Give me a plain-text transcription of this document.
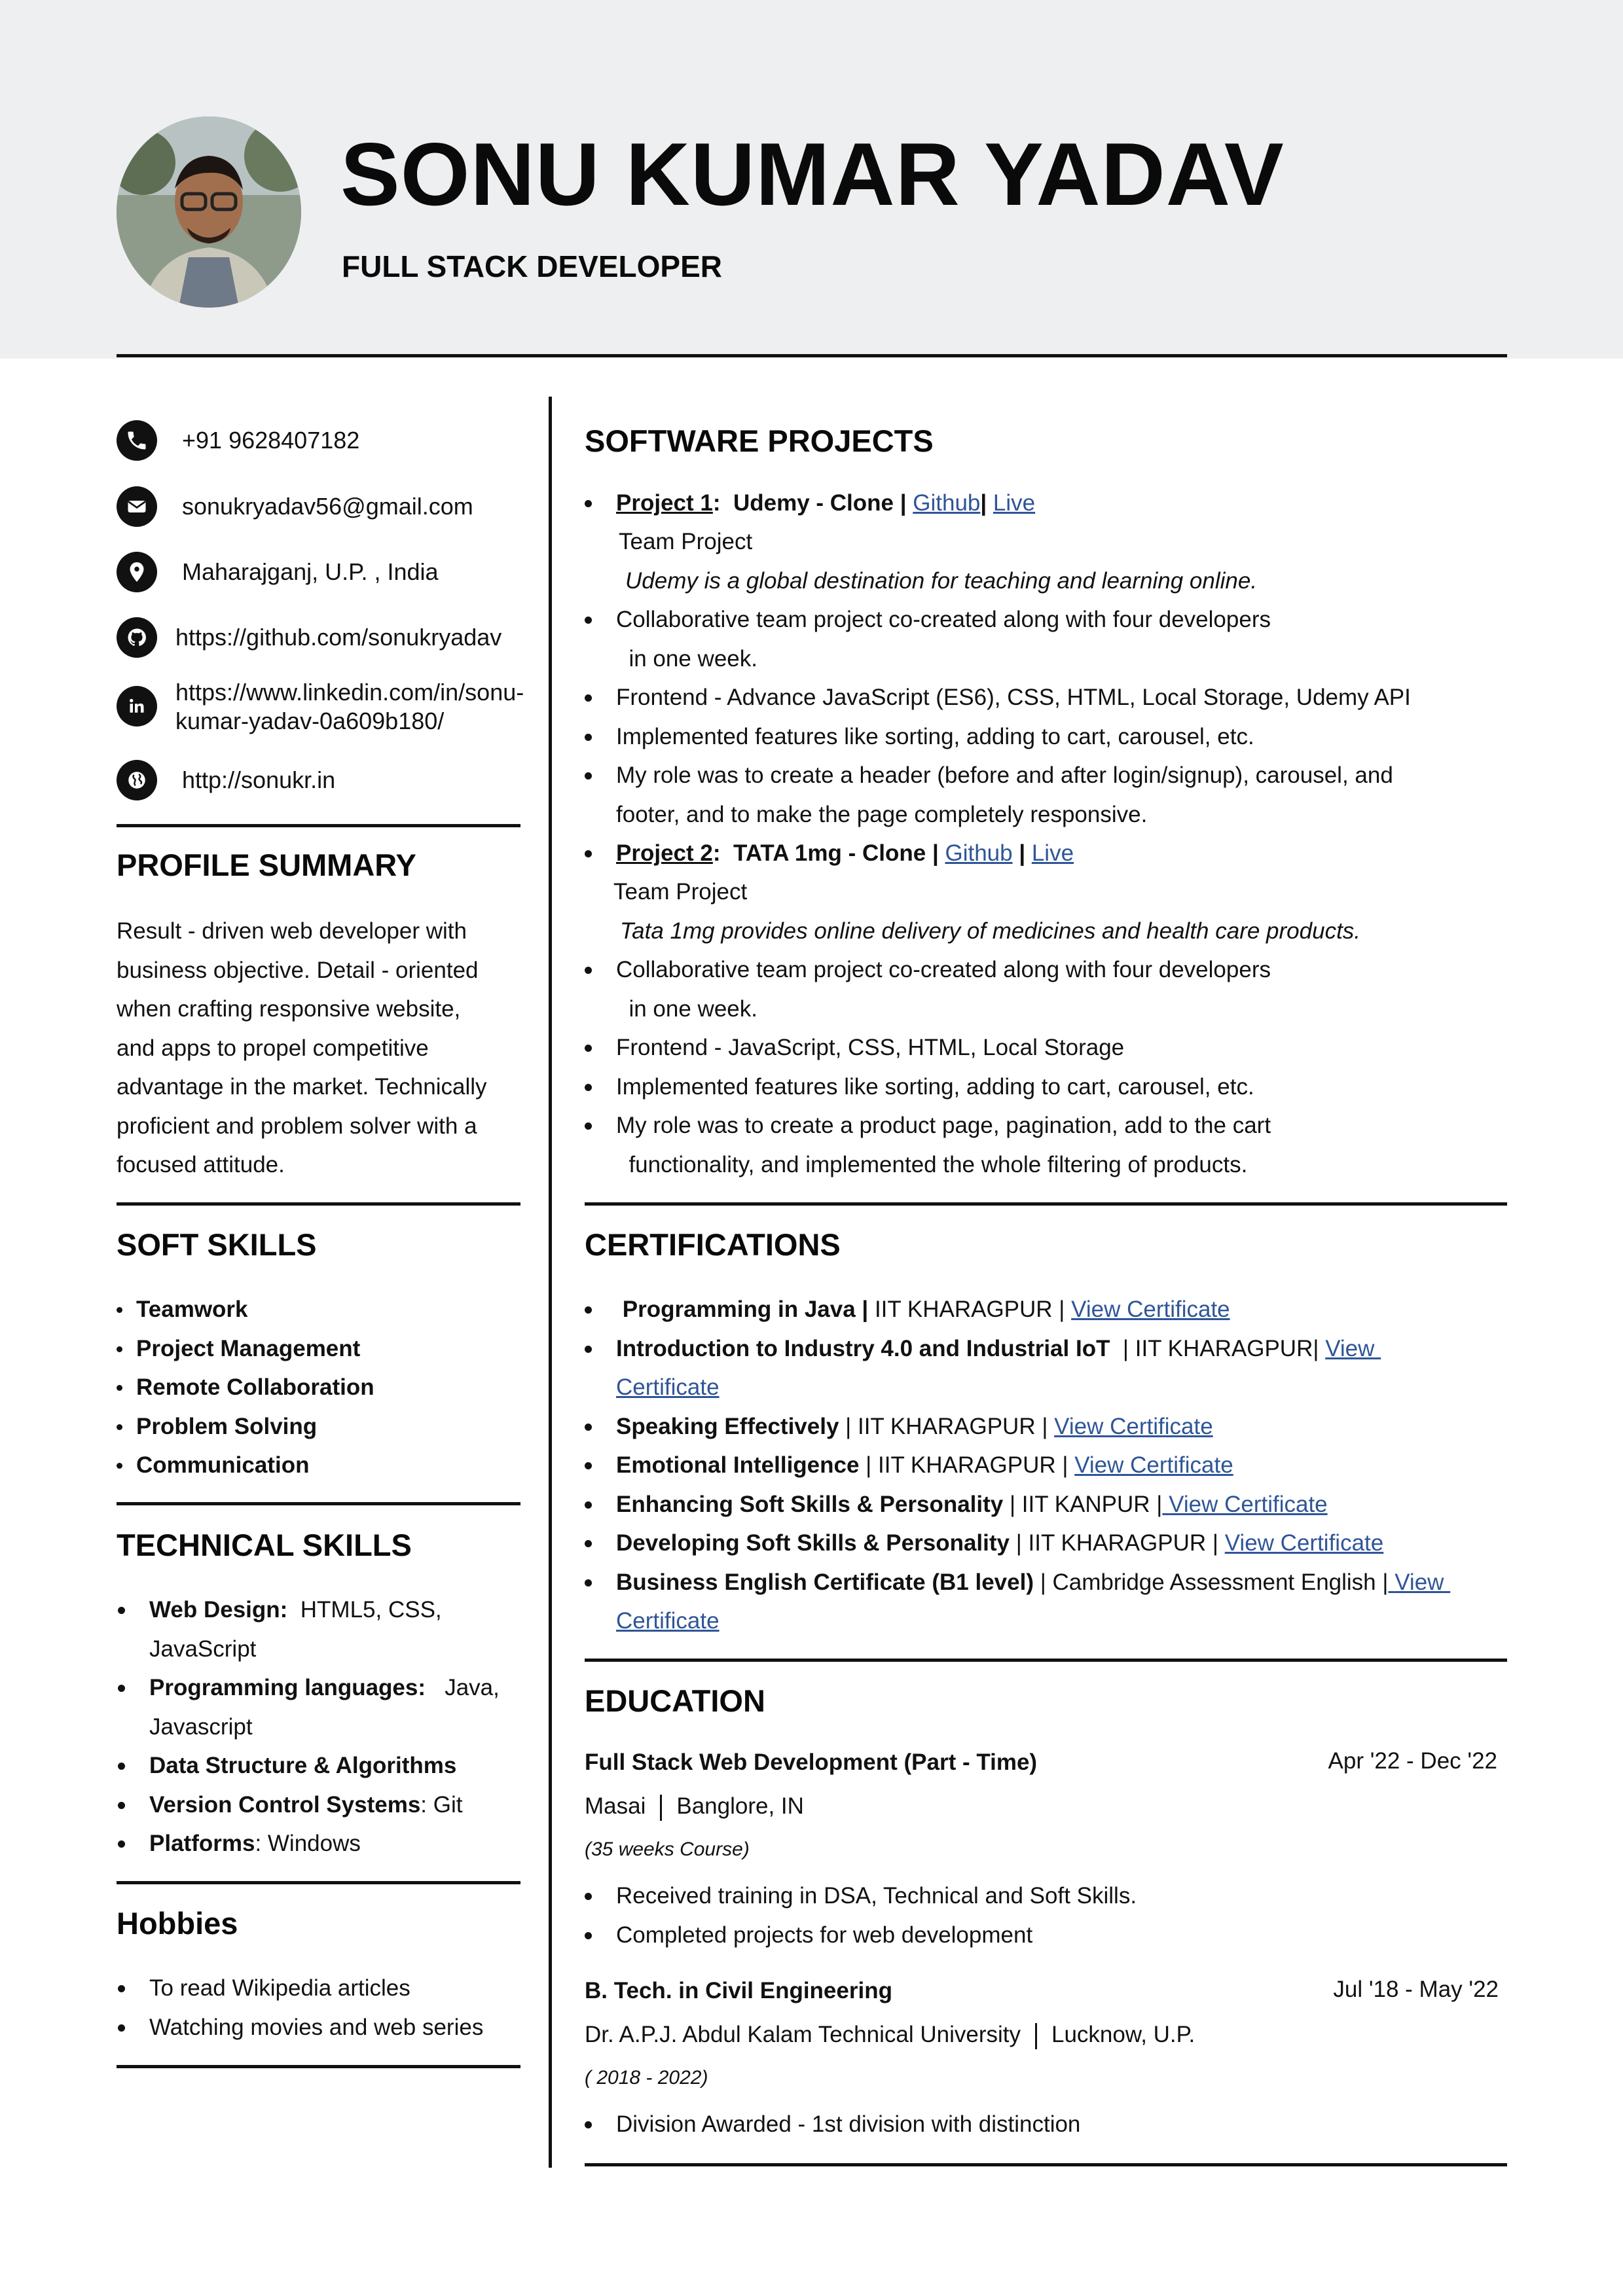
SONU KUMAR YADAV
FULL STACK DEVELOPER
+91 9628407182
sonukryadav56@gmail.com
Maharajganj, U.P. , India
https://github.com/sonukryadav
https://www.linkedin.com/in/sonu-
kumar-yadav-0a609b180/
http://sonukr.in
PROFILE SUMMARY
Result - driven web developer with
business objective. Detail - oriented
when crafting responsive website,
and apps to propel competitive
advantage in the market. Technically
proficient and problem solver with a
focused attitude.
SOFT SKILLS
Teamwork
Project Management
Remote Collaboration
Problem Solving
Communication
TECHNICAL SKILLS
Web Design: HTML5, CSS,
JavaScript
Programming languages: Java,
Javascript
Data Structure & Algorithms
Version Control Systems: Git
Platforms: Windows
Hobbies
To read Wikipedia articles
Watching movies and web series
SOFTWARE PROJECTS
Project 1:  Udemy - Clone | Github| Live
Team Project
Udemy is a global destination for teaching and learning online.
Collaborative team project co-created along with four developers
in one week.
Frontend - Advance JavaScript (ES6), CSS, HTML, Local Storage, Udemy API
Implemented features like sorting, adding to cart, carousel, etc.
My role was to create a header (before and after login/signup), carousel, and
footer, and to make the page completely responsive.
Project 2:  TATA 1mg - Clone | Github | Live
Team Project
Tata 1mg provides online delivery of medicines and health care products.
Collaborative team project co-created along with four developers
in one week.
Frontend - JavaScript, CSS, HTML, Local Storage
Implemented features like sorting, adding to cart, carousel, etc.
My role was to create a product page, pagination, add to the cart
functionality, and implemented the whole filtering of products.
CERTIFICATIONS
Programming in Java | IIT KHARAGPUR | View Certificate
Introduction to Industry 4.0 and Industrial IoT  | IIT KHARAGPUR| View
Certificate
Speaking Effectively | IIT KHARAGPUR | View Certificate
Emotional Intelligence | IIT KHARAGPUR | View Certificate
Enhancing Soft Skills & Personality | IIT KANPUR | View Certificate
Developing Soft Skills & Personality | IIT KHARAGPUR | View Certificate
Business English Certificate (B1 level) | Cambridge Assessment English | View
Certificate
EDUCATION
Full Stack Web Development (Part - Time)	Apr '22 - Dec '22
Masai Banglore, IN
(35 weeks Course)
Received training in DSA, Technical and Soft Skills.
Completed projects for web development
B. Tech. in Civil Engineering	Jul '18 - May '22
Dr. A.P.J. Abdul Kalam Technical University Lucknow, U.P.
( 2018 - 2022)
Division Awarded - 1st division with distinction
